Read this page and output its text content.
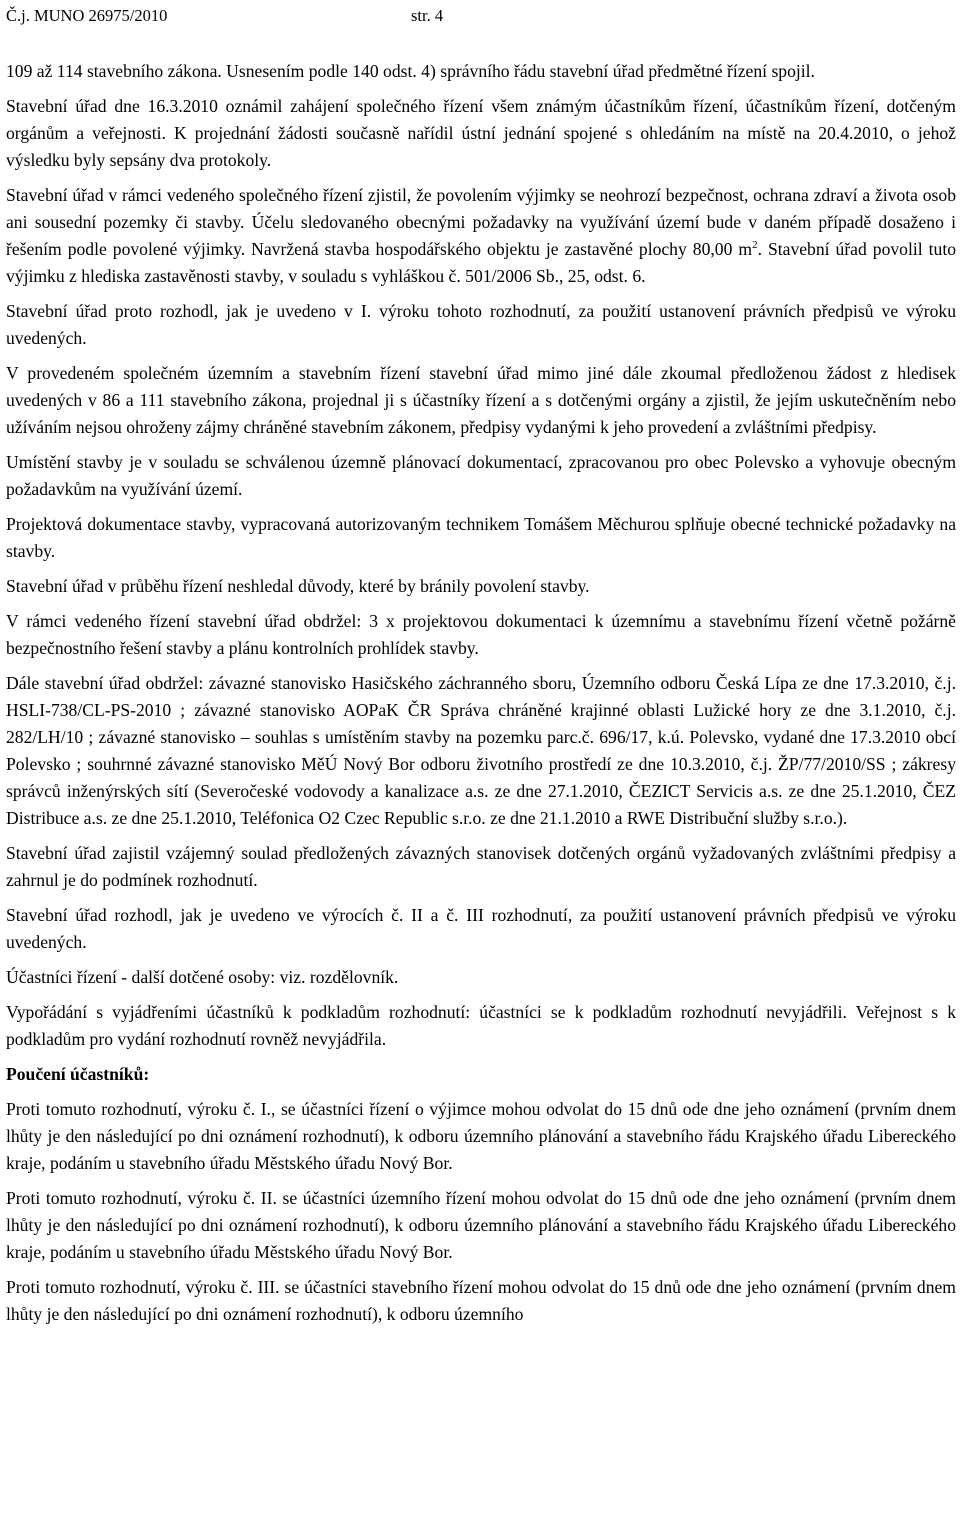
Č.j. MUNO 26975/2010	str. 4

109 až 114 stavebního zákona. Usnesením podle 140 odst. 4) správního řádu stavební úřad předmětné řízení spojil.

Stavební úřad dne 16.3.2010 oznámil zahájení společného řízení všem známým účastníkům řízení, účastníkům řízení, dotčeným orgánům a veřejnosti. K projednání žádosti současně nařídil ústní jednání spojené s ohledáním na místě na 20.4.2010, o jehož výsledku byly sepsány dva protokoly.

Stavební úřad v rámci vedeného společného řízení zjistil, že povolením výjimky se neohrozí bezpečnost, ochrana zdraví a života osob ani sousední pozemky či stavby. Účelu sledovaného obecnými požadavky na využívání území bude v daném případě dosaženo i řešením podle povolené výjimky. Navržená stavba hospodářského objektu je zastavěné plochy 80,00 $m^2$. Stavební úřad povolil tuto výjimku z hlediska zastavěnosti stavby, v souladu s vyhláškou č. 501/2006 Sb., 25, odst. 6.

Stavební úřad proto rozhodl, jak je uvedeno v I. výroku tohoto rozhodnutí, za použití ustanovení právních předpisů ve výroku uvedených.

V provedeném společném územním a stavebním řízení stavební úřad mimo jiné dále zkoumal předloženou žádost z hledisek uvedených v 86 a 111 stavebního zákona, projednal ji s účastníky řízení a s dotčenými orgány a zjistil, že jejím uskutečněním nebo užíváním nejsou ohroženy zájmy chráněné stavebním zákonem, předpisy vydanými k jeho provedení a zvláštními předpisy.

Umístění stavby je v souladu se schválenou územně plánovací dokumentací, zpracovanou pro obec Polevsko a vyhovuje obecným požadavkům na využívání území.

Projektová dokumentace stavby, vypracovaná autorizovaným technikem Tomášem Měchurou splňuje obecné technické požadavky na stavby.

Stavební úřad v průběhu řízení neshledal důvody, které by bránily povolení stavby.

V rámci vedeného řízení stavební úřad obdržel: 3 x projektovou dokumentaci k územnímu a stavebnímu řízení včetně požárně bezpečnostního řešení stavby a plánu kontrolních prohlídek stavby.

Dále stavební úřad obdržel: závazné stanovisko Hasičského záchranného sboru, Územního odboru Česká Lípa ze dne 17.3.2010, č.j. HSLI-738/CL-PS-2010 ; závazné stanovisko AOPaK ČR Správa chráněné krajinné oblasti Lužické hory ze dne 3.1.2010, č.j. 282/LH/10 ; závazné stanovisko – souhlas s umístěním stavby na pozemku parc.č. 696/17, k.ú. Polevsko, vydané dne 17.3.2010 obcí Polevsko ; souhrnné závazné stanovisko MěÚ Nový Bor odboru životního prostředí ze dne 10.3.2010, č.j. ŽP/77/2010/SS ; zákresy správců inženýrských sítí (Severočeské vodovody a kanalizace a.s. ze dne 27.1.2010, ČEZICT Servicis a.s. ze dne 25.1.2010, ČEZ Distribuce a.s. ze dne 25.1.2010, Teléfonica O2 Czec Republic s.r.o. ze dne 21.1.2010 a RWE Distribuční služby s.r.o.).

Stavební úřad zajistil vzájemný soulad předložených závazných stanovisek dotčených orgánů vyžadovaných zvláštními předpisy a zahrnul je do podmínek rozhodnutí.

Stavební úřad rozhodl, jak je uvedeno ve výrocích č. II a č. III rozhodnutí, za použití ustanovení právních předpisů ve výroku uvedených.

Účastníci řízení - další dotčené osoby: viz. rozdělovník.

Vypořádání s vyjádřeními účastníků k podkladům rozhodnutí: účastníci se k podkladům rozhodnutí nevyjádřili. Veřejnost s k podkladům pro vydání rozhodnutí rovněž nevyjádřila.

Poučení účastníků:

Proti tomuto rozhodnutí, výroku č. I., se účastníci řízení o výjimce mohou odvolat do 15 dnů ode dne jeho oznámení (prvním dnem lhůty je den následující po dni oznámení rozhodnutí), k odboru územního plánování a stavebního řádu Krajského úřadu Libereckého kraje, podáním u stavebního úřadu Městského úřadu Nový Bor.

Proti tomuto rozhodnutí, výroku č. II. se účastníci územního řízení mohou odvolat do 15 dnů ode dne jeho oznámení (prvním dnem lhůty je den následující po dni oznámení rozhodnutí), k odboru územního plánování a stavebního řádu Krajského úřadu Libereckého kraje, podáním u stavebního úřadu Městského úřadu Nový Bor.

Proti tomuto rozhodnutí, výroku č. III. se účastníci stavebního řízení mohou odvolat do 15 dnů ode dne jeho oznámení (prvním dnem lhůty je den následující po dni oznámení rozhodnutí), k odboru územního
